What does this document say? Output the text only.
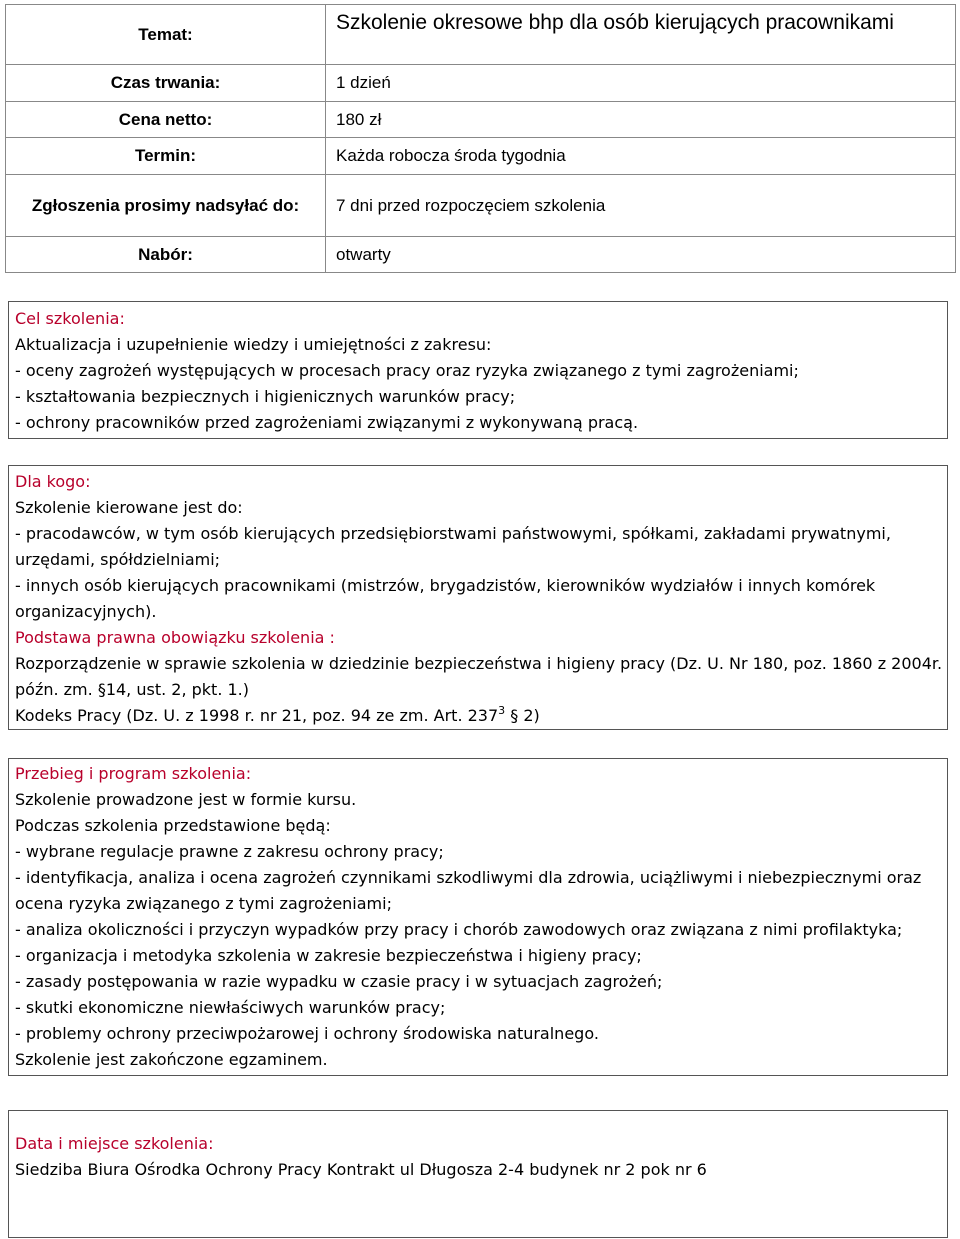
Temat:	Szkolenie okresowe bhp dla osób kierujących pracownikami
Czas trwania:	1 dzień
Cena netto:	180 zł
Termin:	Każda robocza środa tygodnia
Zgłoszenia prosimy nadsyłać do:	7 dni przed rozpoczęciem szkolenia
Nabór:	otwarty

Cel szkolenia:

Aktualizacja i uzupełnienie wiedzy i umiejętności z zakresu:

- oceny zagrożeń występujących w procesach pracy oraz ryzyka związanego z tymi zagrożeniami;

- kształtowania bezpiecznych i higienicznych warunków pracy;

- ochrony pracowników przed zagrożeniami związanymi z wykonywaną pracą.

Dla kogo:

Szkolenie kierowane jest do:

- pracodawców, w tym osób kierujących przedsiębiorstwami państwowymi, spółkami, zakładami prywatnymi, urzędami, spółdzielniami;

- innych osób kierujących pracownikami (mistrzów, brygadzistów, kierowników wydziałów i innych komórek organizacyjnych).

Podstawa prawna obowiązku szkolenia :

Rozporządzenie w sprawie szkolenia w dziedzinie bezpieczeństwa i higieny pracy (Dz. U. Nr 180, poz. 1860 z 2004r. późn. zm. §14, ust. 2, pkt. 1.)

Kodeks Pracy (Dz. U. z 1998 r. nr 21, poz. 94 ze zm. Art. $237^3$ § 2)

Przebieg i program szkolenia:

Szkolenie prowadzone jest w formie kursu.

Podczas szkolenia przedstawione będą:

- wybrane regulacje prawne z zakresu ochrony pracy;

- identyfikacja, analiza i ocena zagrożeń czynnikami szkodliwymi dla zdrowia, uciążliwymi i niebezpiecznymi oraz ocena ryzyka związanego z tymi zagrożeniami;

- analiza okoliczności i przyczyn wypadków przy pracy i chorób zawodowych oraz związana z nimi profilaktyka;

- organizacja i metodyka szkolenia w zakresie bezpieczeństwa i higieny pracy;

- zasady postępowania w razie wypadku w czasie pracy i w sytuacjach zagrożeń;

- skutki ekonomiczne niewłaściwych warunków pracy;

- problemy ochrony przeciwpożarowej i ochrony środowiska naturalnego.

Szkolenie jest zakończone egzaminem.

Data i miejsce szkolenia:

Siedziba Biura Ośrodka Ochrony Pracy Kontrakt ul Długosza 2-4 budynek nr 2 pok nr 6
